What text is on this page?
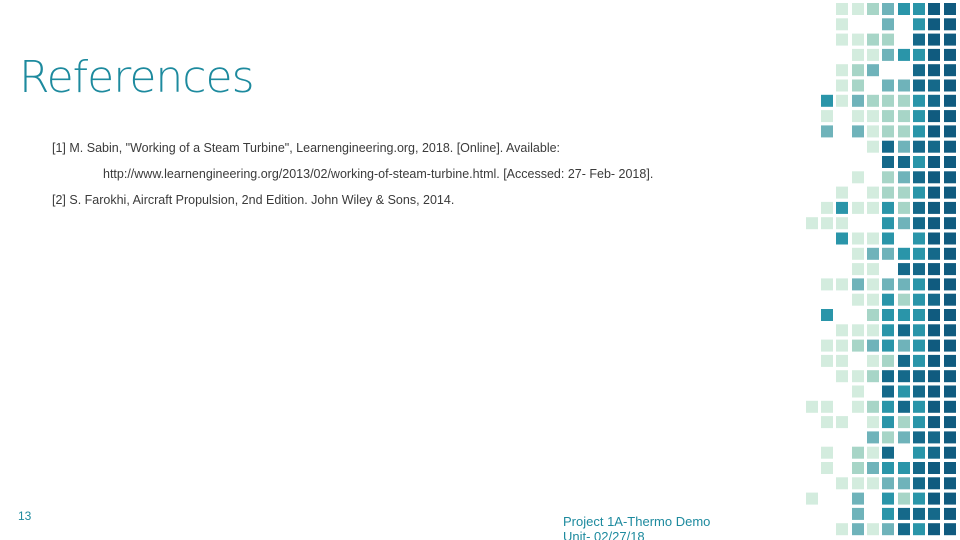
References
[1] M. Sabin, "Working of a Steam Turbine", Learnengineering.org, 2018. [Online]. Available:
http://www.learnengineering.org/2013/02/working-of-steam-turbine.html. [Accessed: 27- Feb- 2018].
[2] S. Farokhi, Aircraft Propulsion, 2nd Edition. John Wiley & Sons, 2014.
13	Project 1A-Thermo Demo
Unit- 02/27/18
